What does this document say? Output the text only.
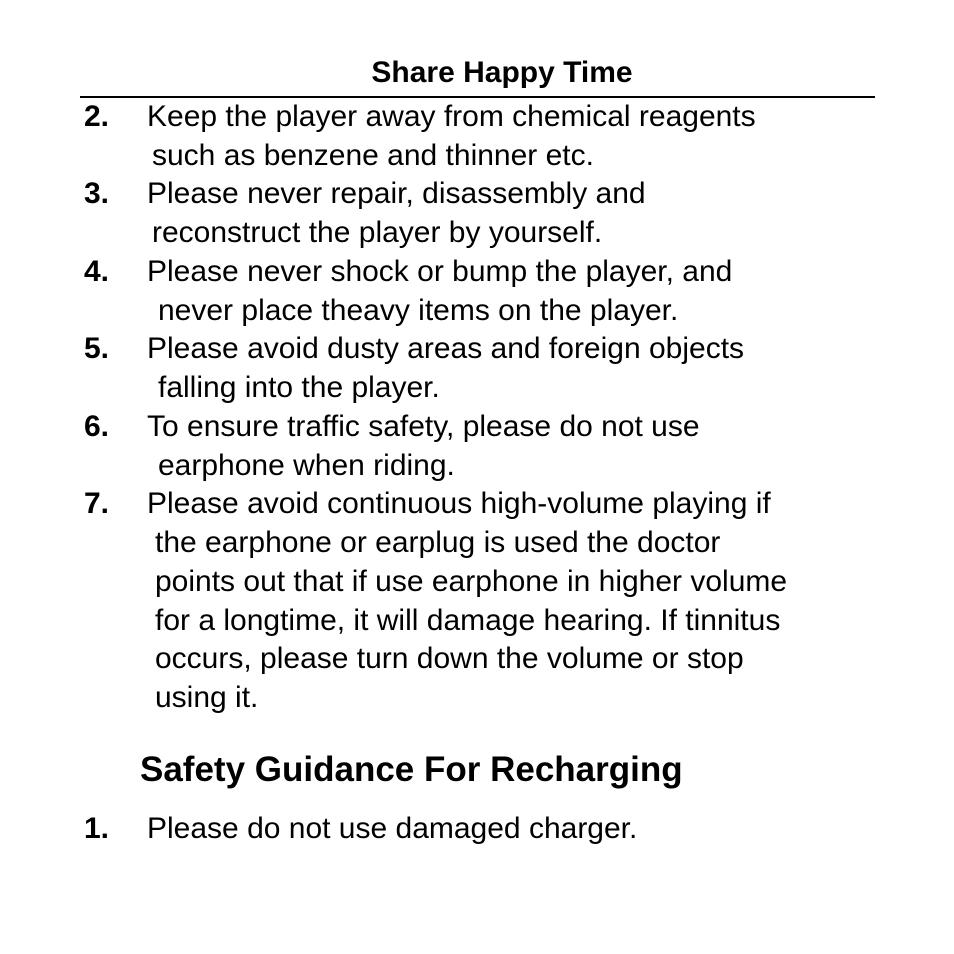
Share Happy Time
2. Keep the player away from chemical reagents
such as benzene and thinner etc.
3. Please never repair, disassembly and
reconstruct the player by yourself.
4. Please never shock or bump the player, and
never place theavy items on the player.
5. Please avoid dusty areas and foreign objects
falling into the player.
6. To ensure traffic safety, please do not use
earphone when riding.
7. Please avoid continuous high-volume playing if
the earphone or earplug is used the doctor
points out that if use earphone in higher volume
for a longtime, it will damage hearing. If tinnitus
occurs, please turn down the volume or stop
using it.
Safety Guidance For Recharging
1. Please do not use damaged charger.
